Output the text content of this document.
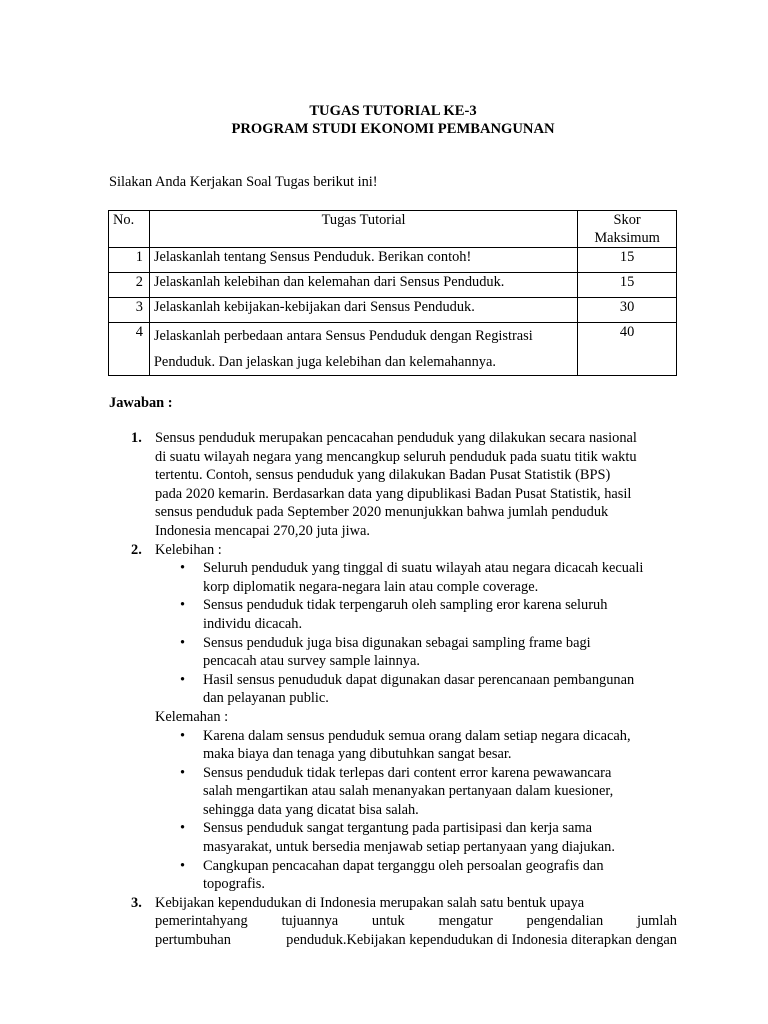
TUGAS TUTORIAL KE-3
PROGRAM STUDI EKONOMI PEMBANGUNAN
Silakan Anda Kerjakan Soal Tugas berikut ini!
No.	Tugas Tutorial	Skor
Maksimum

1	Jelaskanlah tentang Sensus Penduduk. Berikan contoh!	15
2	Jelaskanlah kelebihan dan kelemahan dari Sensus Penduduk.	15
3	Jelaskanlah kebijakan-kebijakan dari Sensus Penduduk.	30
4	Jelaskanlah perbedaan antara Sensus Penduduk dengan Registrasi
Penduduk. Dan jelaskan juga kelebihan dan kelemahannya.	40
Jawaban :
1. Sensus penduduk merupakan pencacahan penduduk yang dilakukan secara nasional
di suatu wilayah negara yang mencangkup seluruh penduduk pada suatu titik waktu
tertentu. Contoh, sensus penduduk yang dilakukan Badan Pusat Statistik (BPS)
pada 2020 kemarin. Berdasarkan data yang dipublikasi Badan Pusat Statistik, hasil
sensus penduduk pada September 2020 menunjukkan bahwa jumlah penduduk
Indonesia mencapai 270,20 juta jiwa.
2. Kelebihan :
• Seluruh penduduk yang tinggal di suatu wilayah atau negara dicacah kecuali
korp diplomatik negara-negara lain atau comple coverage.
• Sensus penduduk tidak terpengaruh oleh sampling eror karena seluruh
individu dicacah.
• Sensus penduduk juga bisa digunakan sebagai sampling frame bagi
pencacah atau survey sample lainnya.
• Hasil sensus penududuk dapat digunakan dasar perencanaan pembangunan
dan pelayanan public.
Kelemahan :
• Karena dalam sensus penduduk semua orang dalam setiap negara dicacah,
maka biaya dan tenaga yang dibutuhkan sangat besar.
• Sensus penduduk tidak terlepas dari content error karena pewawancara
salah mengartikan atau salah menanyakan pertanyaan dalam kuesioner,
sehingga data yang dicatat bisa salah.
• Sensus penduduk sangat tergantung pada partisipasi dan kerja sama
masyarakat, untuk bersedia menjawab setiap pertanyaan yang diajukan.
• Cangkupan pencacahan dapat terganggu oleh persoalan geografis dan
topografis.
3. Kebijakan kependudukan di Indonesia merupakan salah satu bentuk upaya
pemerintahyang tujuannya untuk mengatur pengendalian jumlah
pertumbuhan	penduduk.Kebijakan kependudukan di Indonesia diterapkan dengan
